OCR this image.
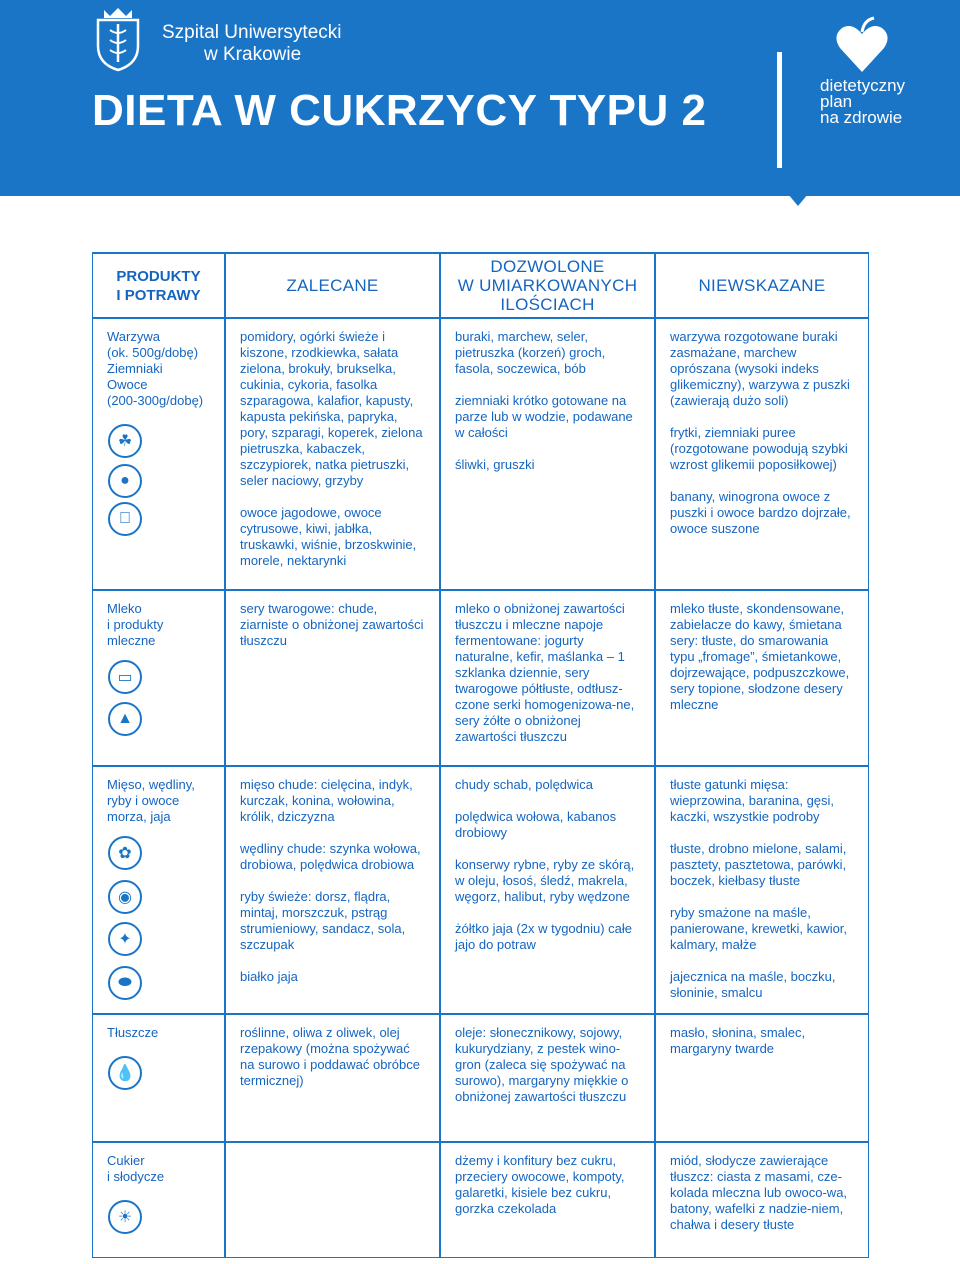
Szpital Uniwersytecki
w Krakowie
DIETA W CUKRZYCY TYPU 2
dietetyczny
plan
na zdrowie
PRODUKTY
I POTRAWY	ZALECANE
DOZWOLONE
W UMIARKOWANYCH
ILOŚCIACH
NIEWSKAZANE
Warzywa
(ok. 500g/dobę)
Ziemniaki
Owoce
(200-300g/dobę)
☘
●

pomidory, ogórki świeże i kiszone, rzodkiewka, sałata zielona, brokuły, brukselka, cukinia, cykoria, fasolka szparagowa, kalafior, kapusty, kapusta pekińska, papryka, pory, szparagi, koperek, zielona pietruszka, kabaczek, szczypiorek, natka pietruszki, seler naciowy, grzyby

owoce jagodowe, owoce cytrusowe, kiwi, jabłka, truskawki, wiśnie, brzoskwinie, morele, nektarynki

buraki, marchew, seler, pietruszka (korzeń) groch, fasola, soczewica, bób

ziemniaki krótko gotowane na parze lub w wodzie, podawane w całości

śliwki, gruszki

warzywa rozgotowane buraki zasmażane, marchew oprószana (wysoki indeks glikemiczny), warzywa z puszki (zawierają dużo soli)

frytki, ziemniaki puree (rozgotowane powodują szybki wzrost glikemii poposiłkowej)

banany, winogrona owoce z puszki i owoce bardzo dojrzałe, owoce suszone

Mleko
i produkty
mleczne
▭
▲

sery twarogowe: chude, ziarniste o obniżonej zawartości tłuszczu

mleko o obniżonej zawartości tłuszczu i mleczne napoje fermentowane: jogurty naturalne, kefir, maślanka – 1 szklanka dziennie, sery twarogowe półtłuste, odtłusz-czone serki homogenizowa-ne, sery żółte o obniżonej zawartości tłuszczu

mleko tłuste, skondensowane, zabielacze do kawy, śmietana sery: tłuste, do smarowania typu „fromage”, śmietankowe, dojrzewające, podpuszczkowe, sery topione, słodzone desery mleczne

Mięso, wędliny,
ryby i owoce
morza, jaja
✿
◉
✦
⬬

mięso chude: cielęcina, indyk, kurczak, konina, wołowina, królik, dziczyzna

wędliny chude: szynka wołowa, drobiowa, polędwica drobiowa

ryby świeże: dorsz, flądra, mintaj, morszczuk, pstrąg strumieniowy, sandacz, sola, szczupak

białko jaja

chudy schab, polędwica

polędwica wołowa, kabanos drobiowy

konserwy rybne, ryby ze skórą, w oleju, łosoś, śledź, makrela, węgorz, halibut, ryby wędzone

żółtko jaja (2x w tygodniu) całe jajo do potraw

tłuste gatunki mięsa: wieprzowina, baranina, gęsi, kaczki, wszystkie podroby

tłuste, drobno mielone, salami, pasztety, pasztetowa, parówki, boczek, kiełbasy tłuste

ryby smażone na maśle, panierowane, krewetki, kawior, kalmary, małże

jajecznica na maśle, boczku, słoninie, smalcu

Tłuszcze
💧

roślinne, oliwa z oliwek, olej rzepakowy (można spożywać na surowo i poddawać obróbce termicznej)

oleje: słonecznikowy, sojowy, kukurydziany, z pestek wino-gron (zaleca się spożywać na surowo), margaryny miękkie o obniżonej zawartości tłuszczu

masło, słonina, smalec, margaryny twarde

Cukier
i słodycze
☀

dżemy i konfitury bez cukru, przeciery owocowe, kompoty, galaretki, kisiele bez cukru, gorzka czekolada

miód, słodycze zawierające tłuszcz: ciasta z masami, cze-kolada mleczna lub owoco-wa, batony, wafelki z nadzie-niem, chałwa i desery tłuste
